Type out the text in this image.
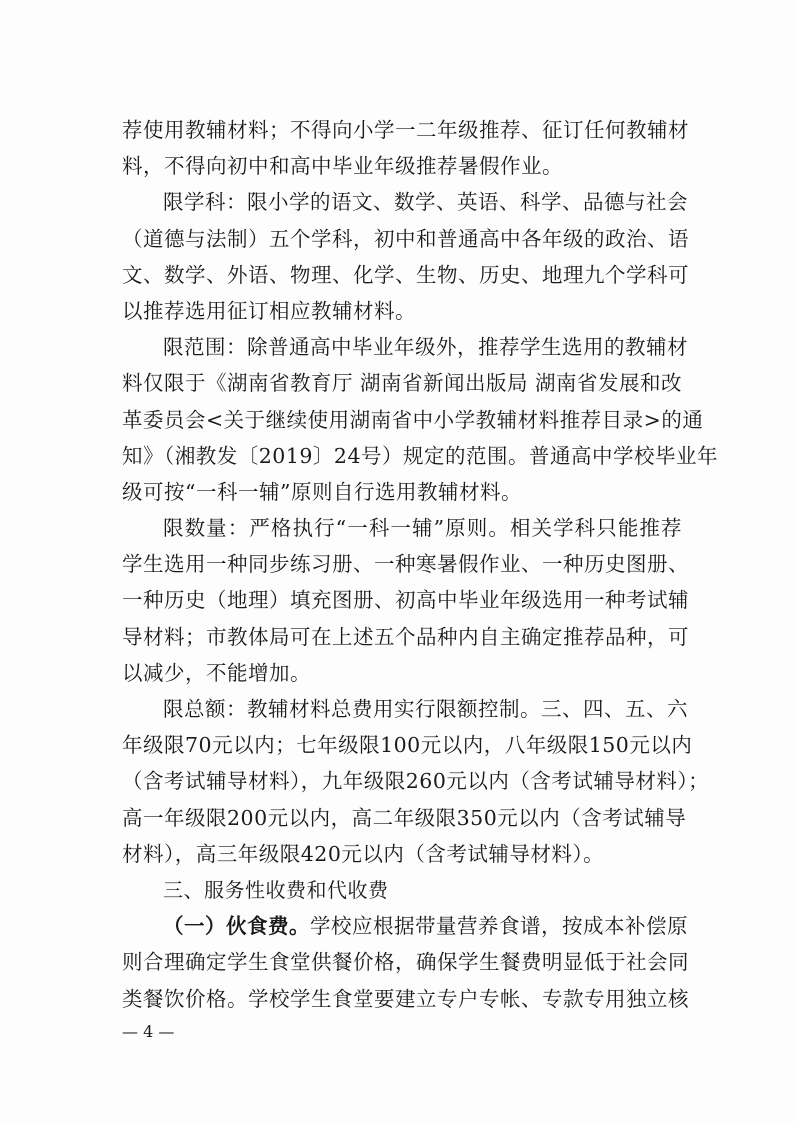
荐使用教辅材料；不得向小学一二年级推荐、征订任何教辅材
料，不得向初中和高中毕业年级推荐暑假作业。
限学科：限小学的语文、数学、英语、科学、品德与社会
（道德与法制）五个学科，初中和普通高中各年级的政治、语
文、数学、外语、物理、化学、生物、历史、地理九个学科可
以推荐选用征订相应教辅材料。
限范围：除普通高中毕业年级外，推荐学生选用的教辅材
料仅限于《湖南省教育厅 湖南省新闻出版局 湖南省发展和改
革委员会<关于继续使用湖南省中小学教辅材料推荐目录>的通
知》（湘教发〔2019〕24号）规定的范围。普通高中学校毕业年
级可按“一科一辅”原则自行选用教辅材料。
限数量：严格执行“一科一辅”原则。相关学科只能推荐
学生选用一种同步练习册、一种寒暑假作业、一种历史图册、
一种历史（地理）填充图册、初高中毕业年级选用一种考试辅
导材料；市教体局可在上述五个品种内自主确定推荐品种，可
以减少，不能增加。
限总额：教辅材料总费用实行限额控制。三、四、五、六
年级限70元以内；七年级限100元以内，八年级限150元以内
（含考试辅导材料），九年级限260元以内（含考试辅导材料）；
高一年级限200元以内，高二年级限350元以内（含考试辅导
材料），高三年级限420元以内（含考试辅导材料）。
三、服务性收费和代收费
（一）伙食费。学校应根据带量营养食谱，按成本补偿原
则合理确定学生食堂供餐价格，确保学生餐费明显低于社会同
类餐饮价格。学校学生食堂要建立专户专帐、专款专用独立核
— 4 —
